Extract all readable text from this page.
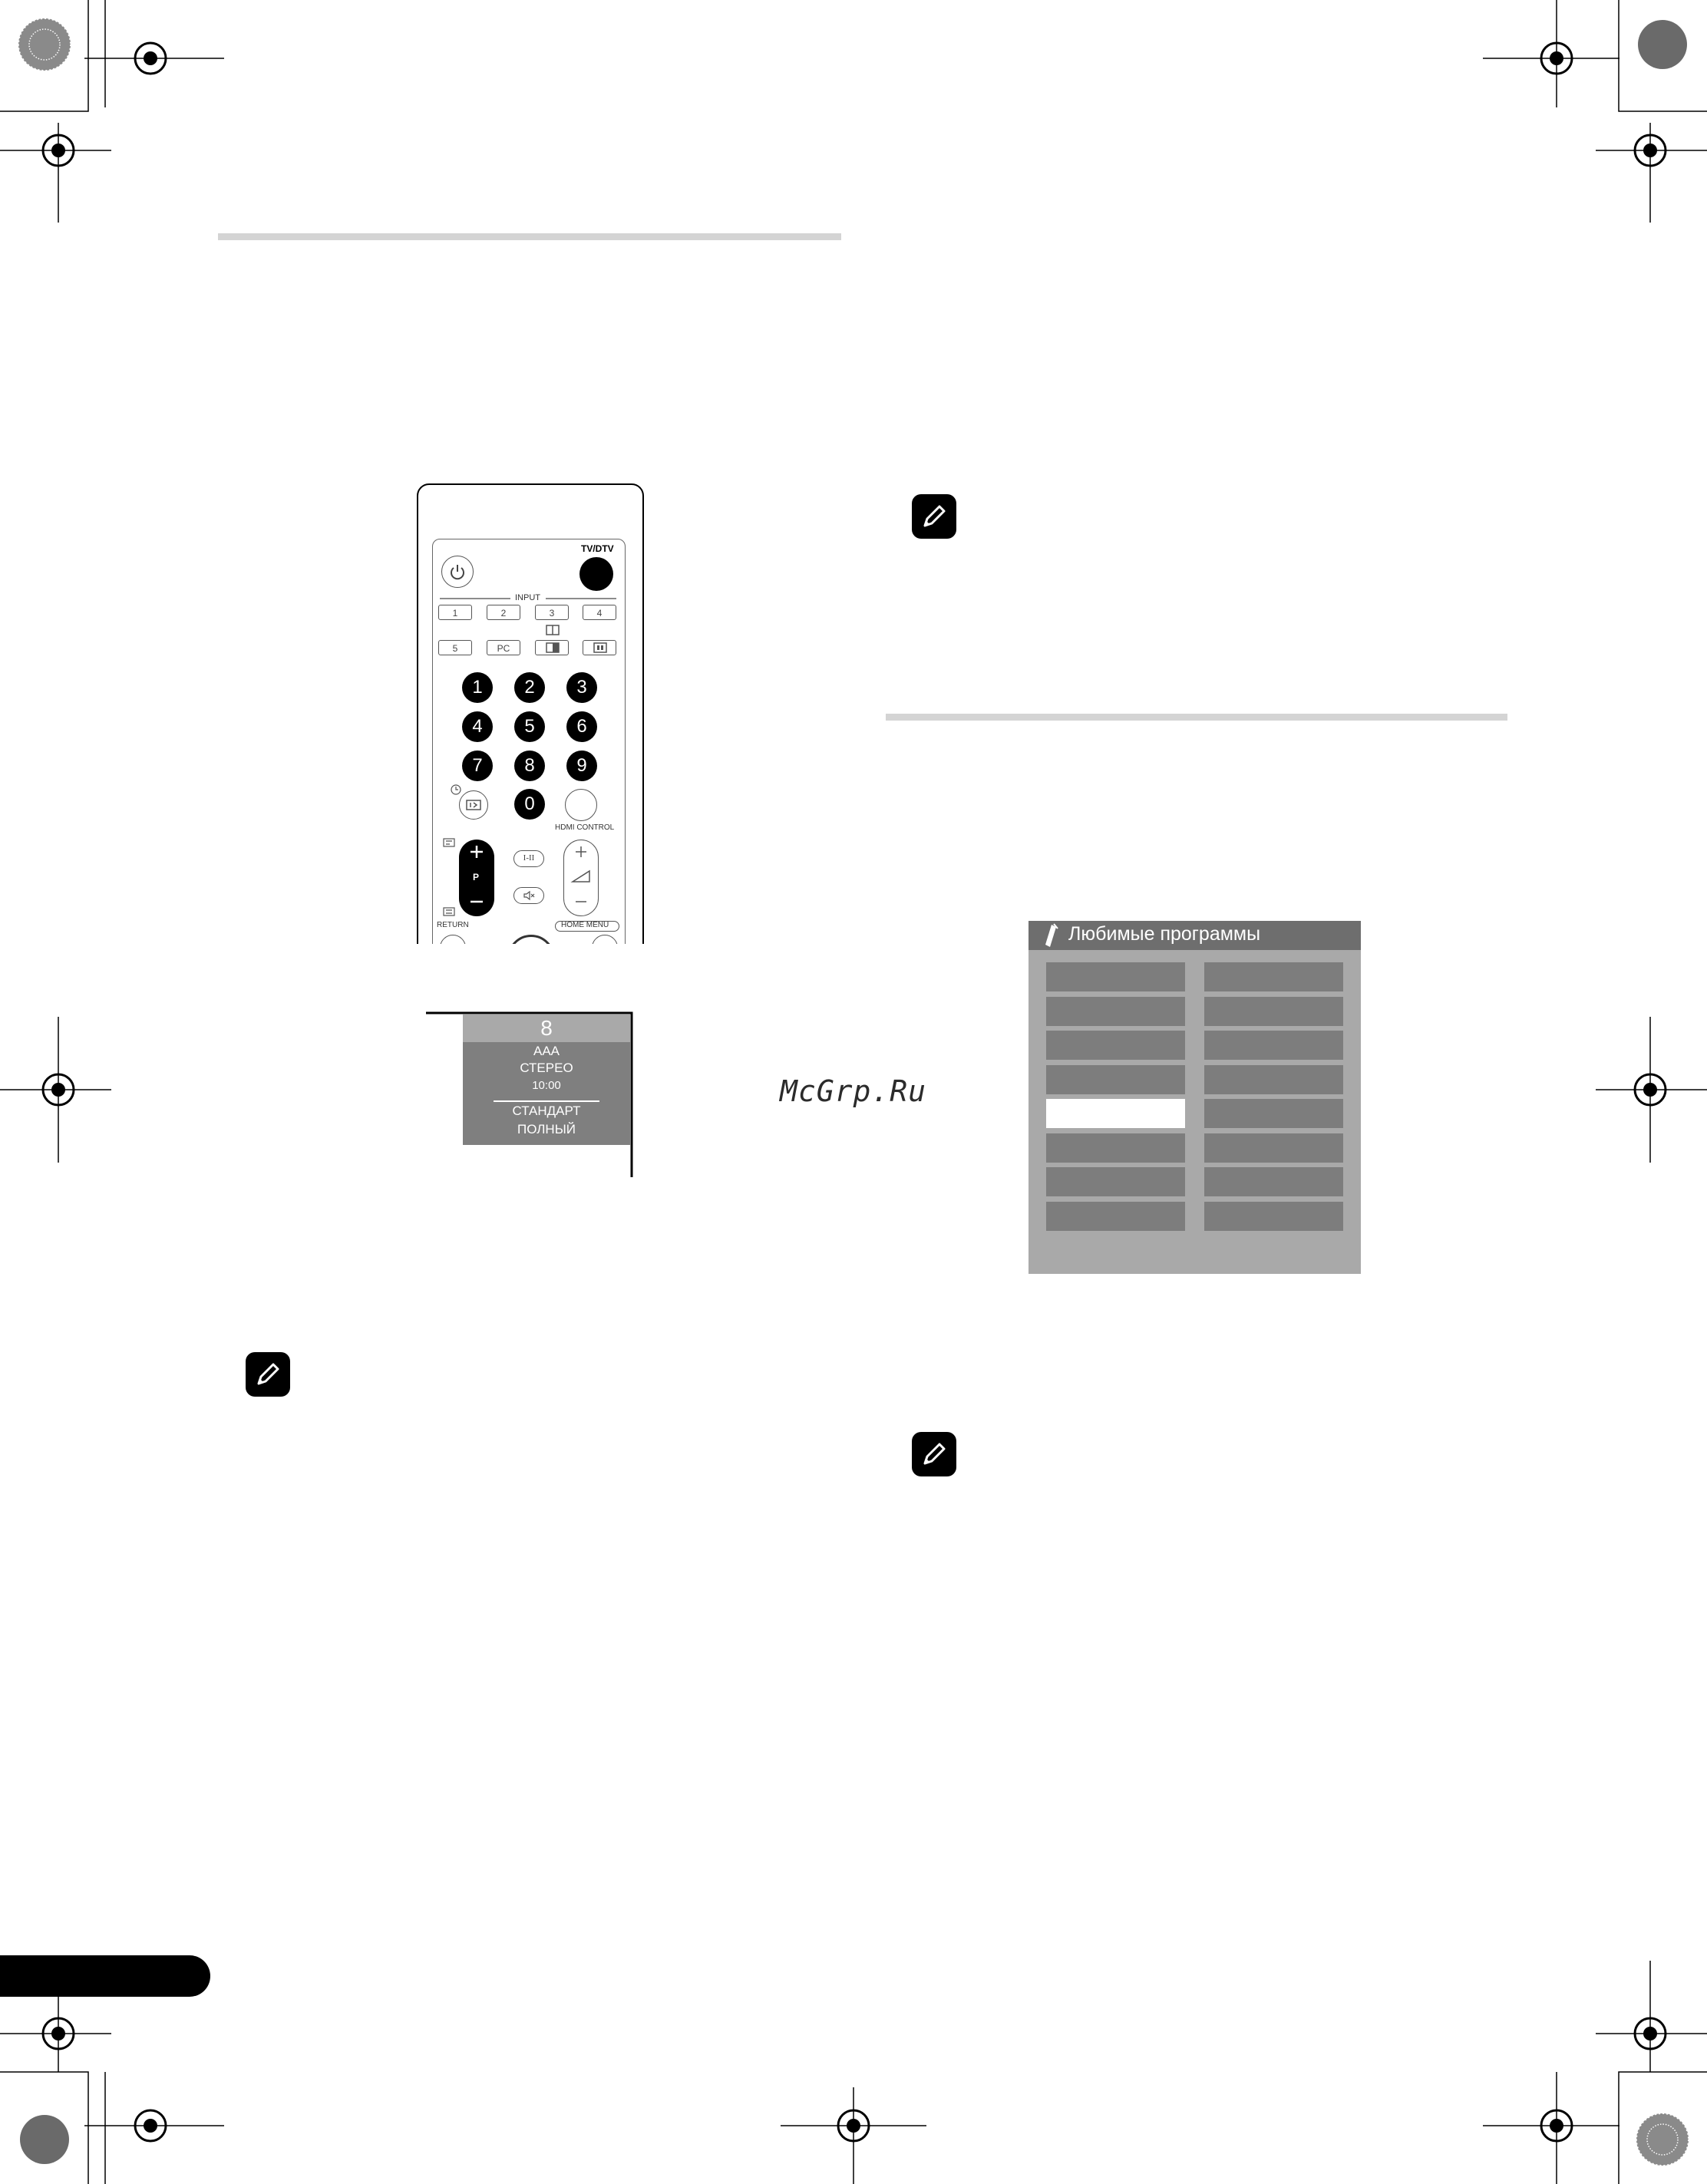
TV/DTV
INPUT
1	2	3	4
5	PC
1	2	3
4	5	6
7	8	9
0
HDMI CONTROL
P
I-II
RETURN	HOME MENU
8
AAA
СТЕРЕО
10:00
СТАНДАРТ
ПОЛНЫЙ
McGrp.Ru
Любимые программы
